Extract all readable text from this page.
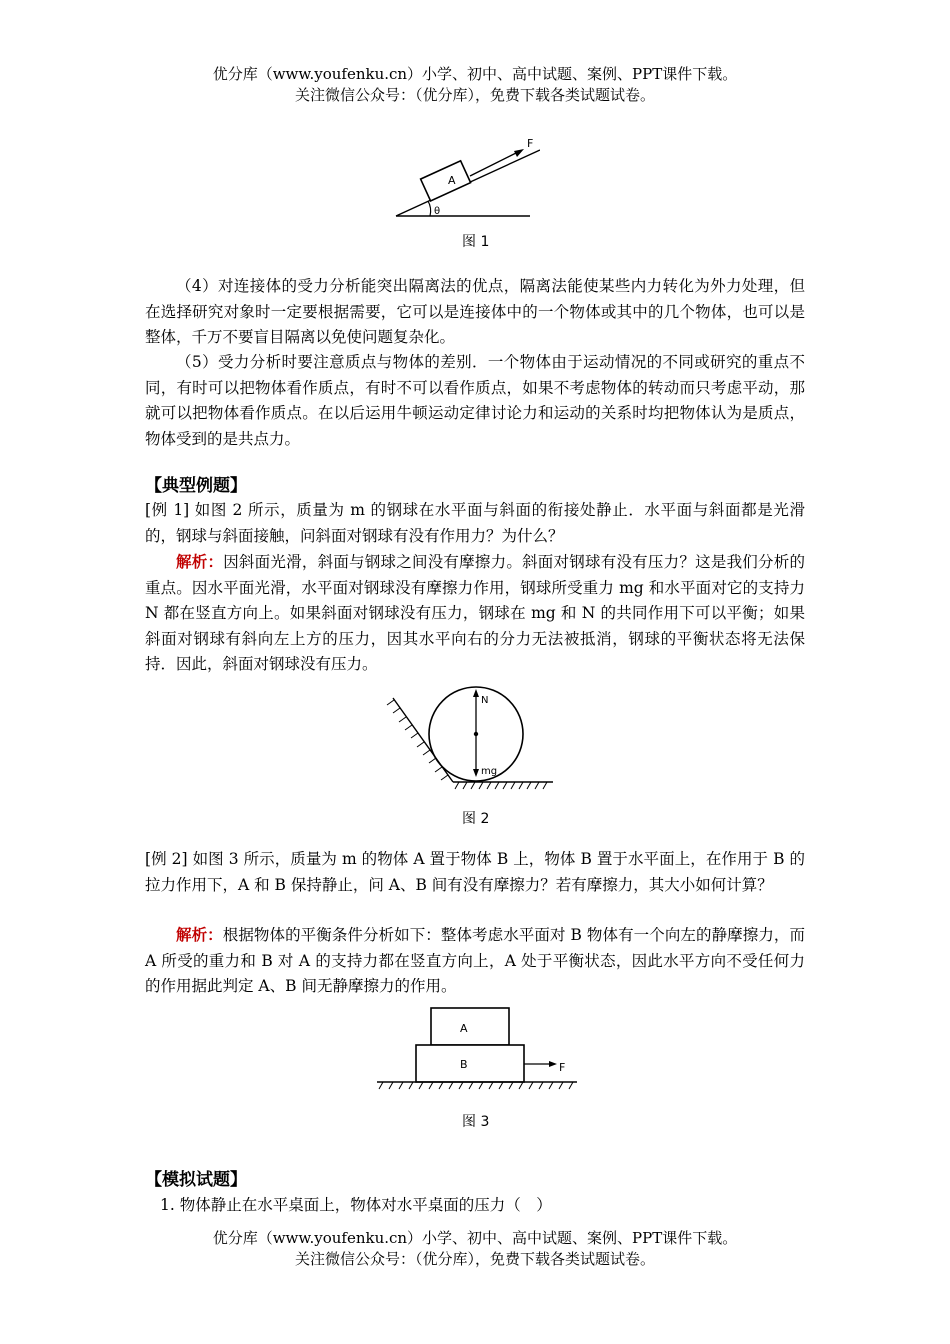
优分库（www.youfenku.cn）小学、初中、高中试题、案例、PPT课件下载。
关注微信公众号：（优分库），免费下载各类试题试卷。
A
F
θ
图 1
（4）对连接体的受力分析能突出隔离法的优点，隔离法能使某些内力转化为外力处理，但在选择研究对象时一定要根据需要，它可以是连接体中的一个物体或其中的几个物体，也可以是整体，千万不要盲目隔离以免使问题复杂化。
（5）受力分析时要注意质点与物体的差别．一个物体由于运动情况的不同或研究的重点不同，有时可以把物体看作质点，有时不可以看作质点，如果不考虑物体的转动而只考虑平动，那就可以把物体看作质点。在以后运用牛顿运动定律讨论力和运动的关系时均把物体认为是质点，物体受到的是共点力。
【典型例题】
[例 1] 如图 2 所示，质量为 m 的钢球在水平面与斜面的衔接处静止．水平面与斜面都是光滑的，钢球与斜面接触，问斜面对钢球有没有作用力？为什么？
解析：因斜面光滑，斜面与钢球之间没有摩擦力。斜面对钢球有没有压力？这是我们分析的重点。因水平面光滑，水平面对钢球没有摩擦力作用，钢球所受重力 mg 和水平面对它的支持力 N 都在竖直方向上。如果斜面对钢球没有压力，钢球在 mg 和 N 的共同作用下可以平衡；如果斜面对钢球有斜向左上方的压力，因其水平向右的分力无法被抵消，钢球的平衡状态将无法保持．因此，斜面对钢球没有压力。
N
mg
图 2
[例 2] 如图 3 所示，质量为 m 的物体 A 置于物体 B 上，物体 B 置于水平面上，在作用于 B 的拉力作用下，A 和 B 保持静止，问 A、B 间有没有摩擦力？若有摩擦力，其大小如何计算？
解析：根据物体的平衡条件分析如下：整体考虑水平面对 B 物体有一个向左的静摩擦力，而 A 所受的重力和 B 对 A 的支持力都在竖直方向上，A 处于平衡状态，因此水平方向不受任何力的作用据此判定 A、B 间无静摩擦力的作用。
A
B	F
图 3
【模拟试题】
1. 物体静止在水平桌面上，物体对水平桌面的压力（　）
优分库（www.youfenku.cn）小学、初中、高中试题、案例、PPT课件下载。
关注微信公众号：（优分库），免费下载各类试题试卷。
